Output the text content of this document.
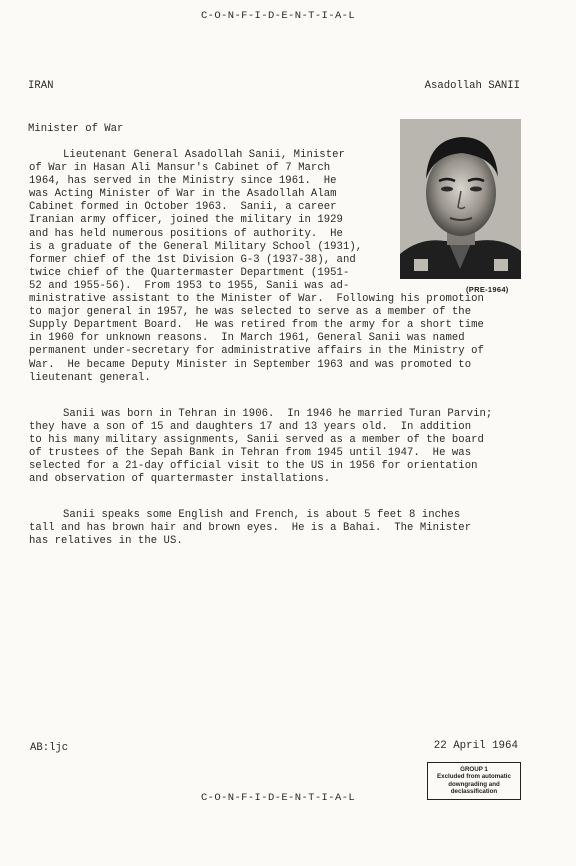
C-O-N-F-I-D-E-N-T-I-A-L
IRAN	Asadollah SANII
Minister of War
(PRE-1964)
Lieutenant General Asadollah Sanii, Minister
of War in Hasan Ali Mansur's Cabinet of 7 March
1964, has served in the Ministry since 1961.  He
was Acting Minister of War in the Asadollah Alam
Cabinet formed in October 1963.  Sanii, a career
Iranian army officer, joined the military in 1929
and has held numerous positions of authority.  He
is a graduate of the General Military School (1931),
former chief of the 1st Division G-3 (1937-38), and
twice chief of the Quartermaster Department (1951-
52 and 1955-56).  From 1953 to 1955, Sanii was ad-
ministrative assistant to the Minister of War.  Following his promotion
to major general in 1957, he was selected to serve as a member of the
Supply Department Board.  He was retired from the army for a short time
in 1960 for unknown reasons.  In March 1961, General Sanii was named
permanent under-secretary for administrative affairs in the Ministry of
War.  He became Deputy Minister in September 1963 and was promoted to
lieutenant general.
Sanii was born in Tehran in 1906.  In 1946 he married Turan Parvin;
they have a son of 15 and daughters 17 and 13 years old.  In addition
to his many military assignments, Sanii served as a member of the board
of trustees of the Sepah Bank in Tehran from 1945 until 1947.  He was
selected for a 21-day official visit to the US in 1956 for orientation
and observation of quartermaster installations.
Sanii speaks some English and French, is about 5 feet 8 inches
tall and has brown hair and brown eyes.  He is a Bahai.  The Minister
has relatives in the US.
AB:ljc	22 April 1964
GROUP 1
Excluded from automatic
downgrading and
declassification
C-O-N-F-I-D-E-N-T-I-A-L
